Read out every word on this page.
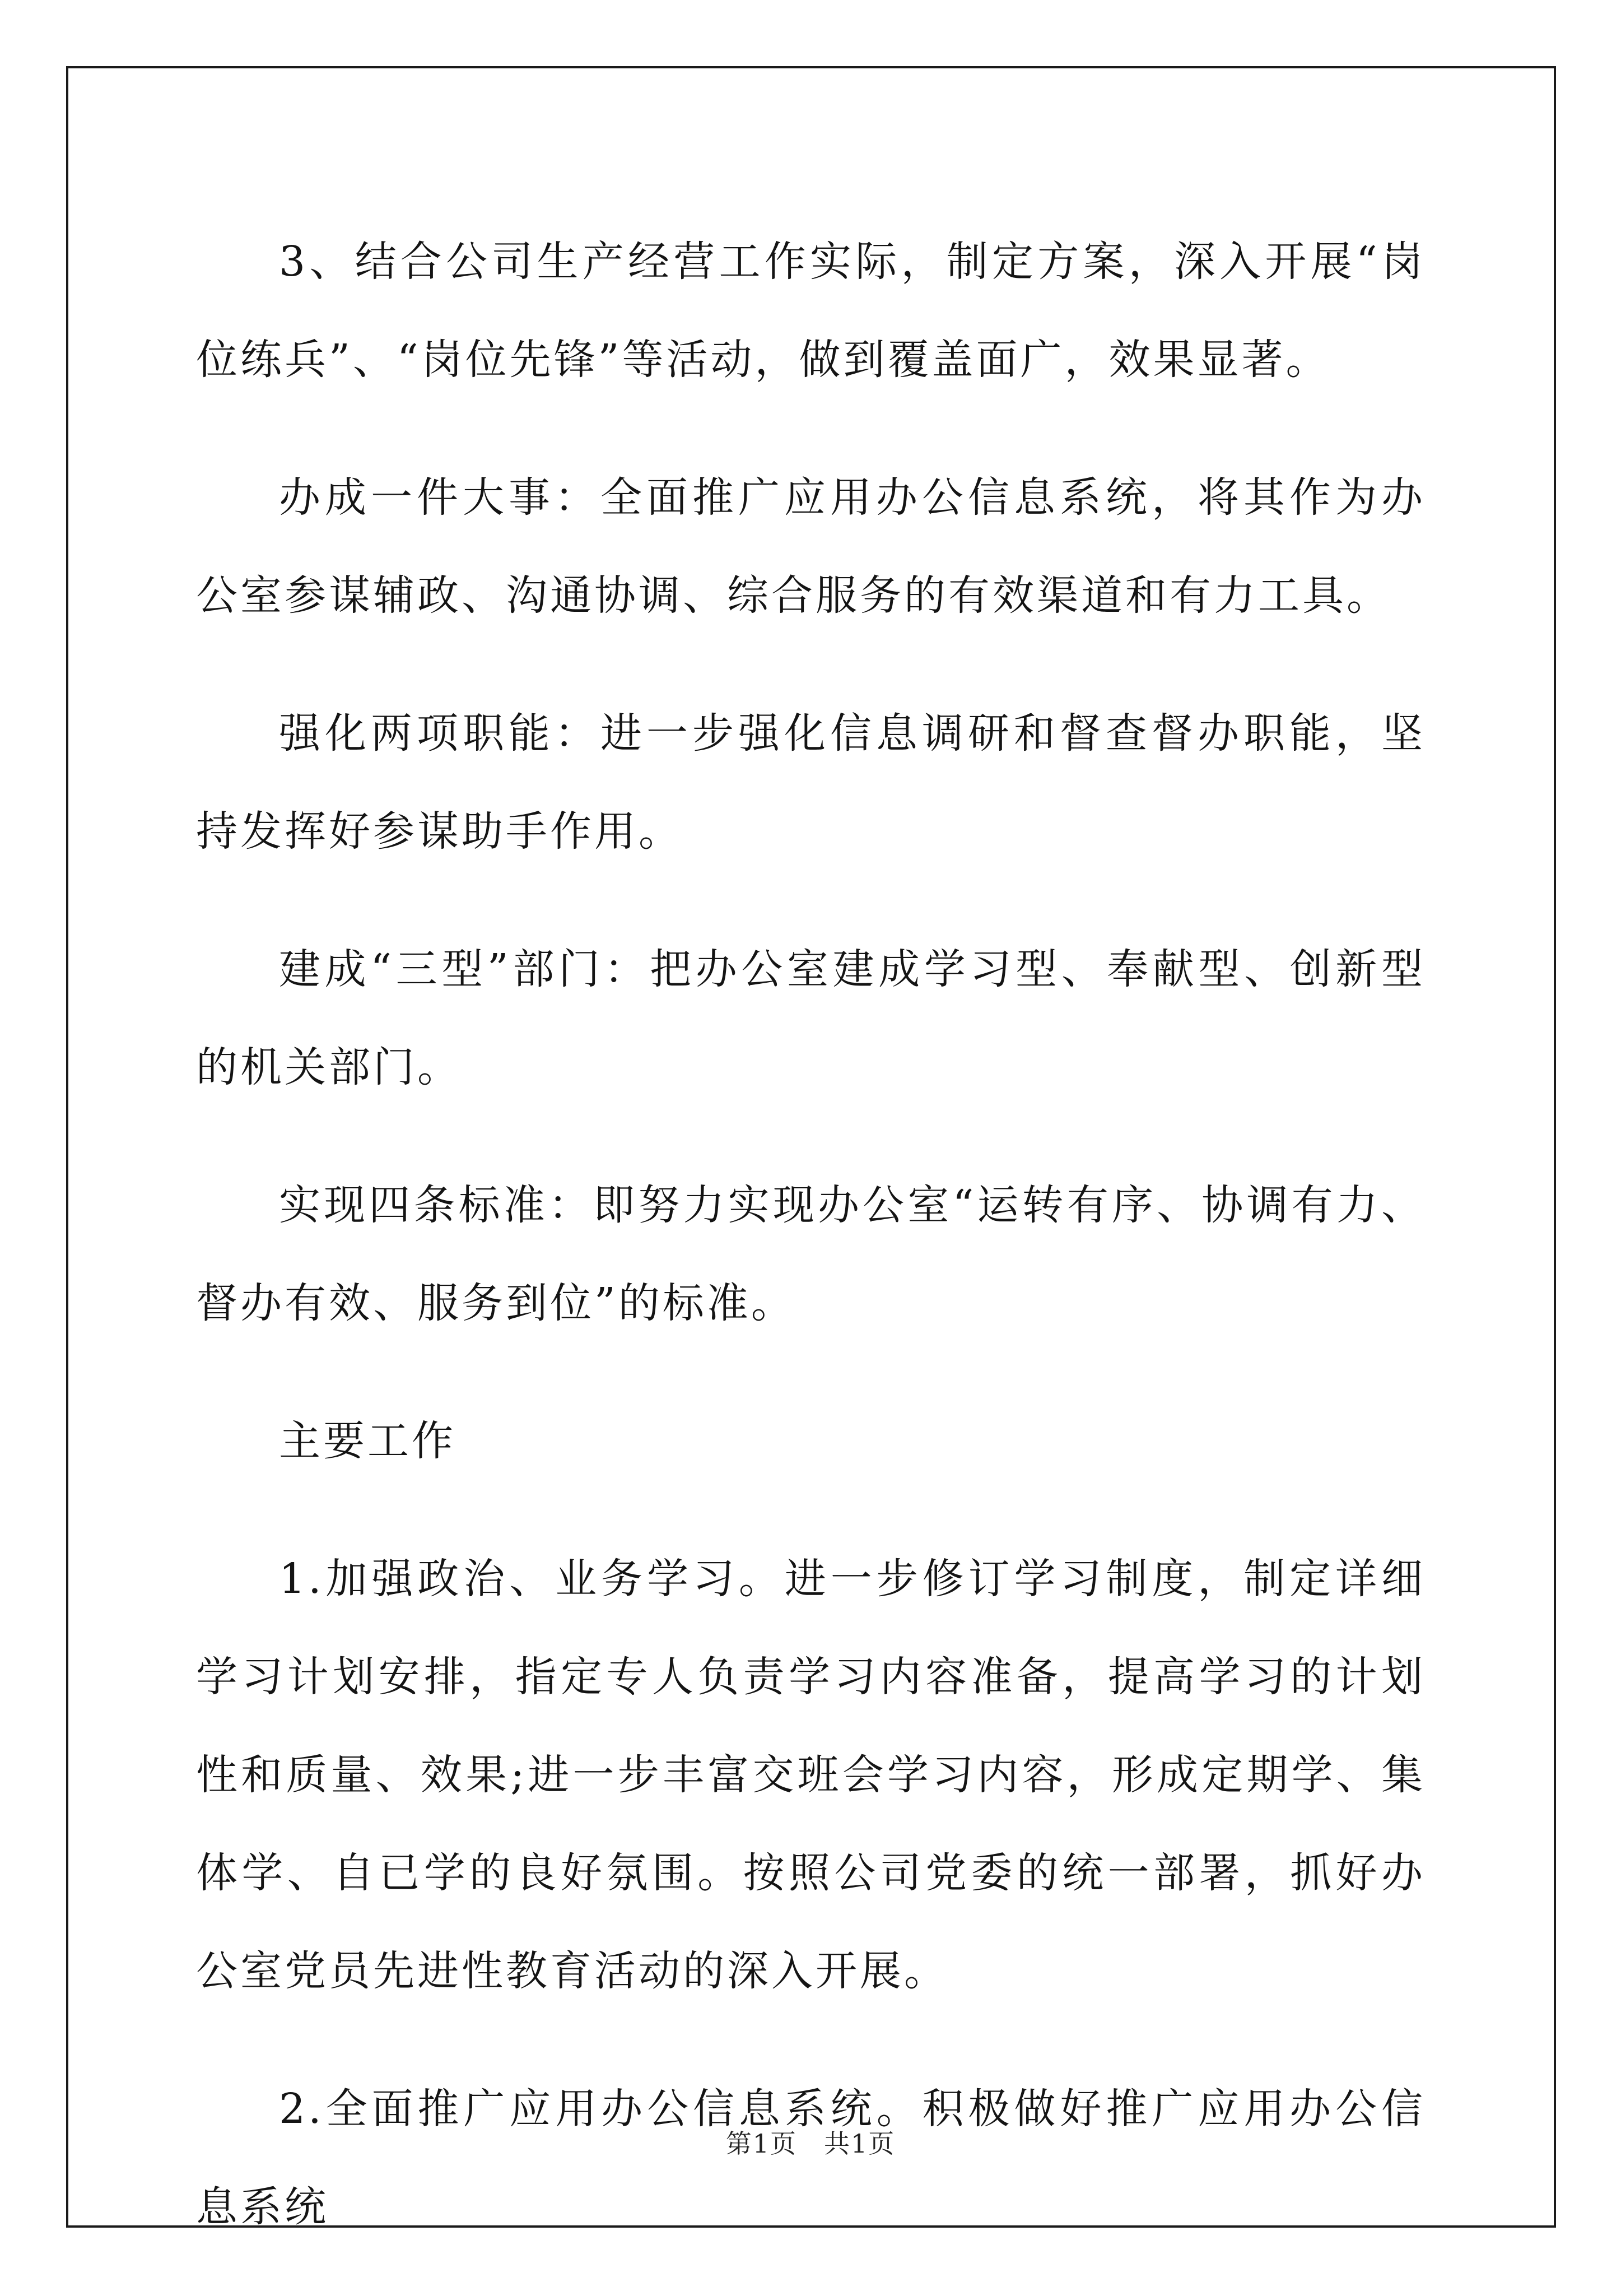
3、结合公司生产经营工作实际，制定方案，深入开展“岗位练兵”、“岗位先锋”等活动，做到覆盖面广，效果显著。

办成一件大事：全面推广应用办公信息系统，将其作为办公室参谋辅政、沟通协调、综合服务的有效渠道和有力工具。

强化两项职能：进一步强化信息调研和督查督办职能，坚持发挥好参谋助手作用。

建成“三型”部门：把办公室建成学习型、奉献型、创新型的机关部门。

实现四条标准：即努力实现办公室“运转有序、协调有力、督办有效、服务到位”的标准。

主要工作

1.加强政治、业务学习。进一步修订学习制度，制定详细学习计划安排，指定专人负责学习内容准备，提高学习的计划性和质量、效果;进一步丰富交班会学习内容，形成定期学、集体学、自已学的良好氛围。按照公司党委的统一部署，抓好办公室党员先进性教育活动的深入开展。

2.全面推广应用办公信息系统。积极做好推广应用办公信息系统

第1页　共1页
